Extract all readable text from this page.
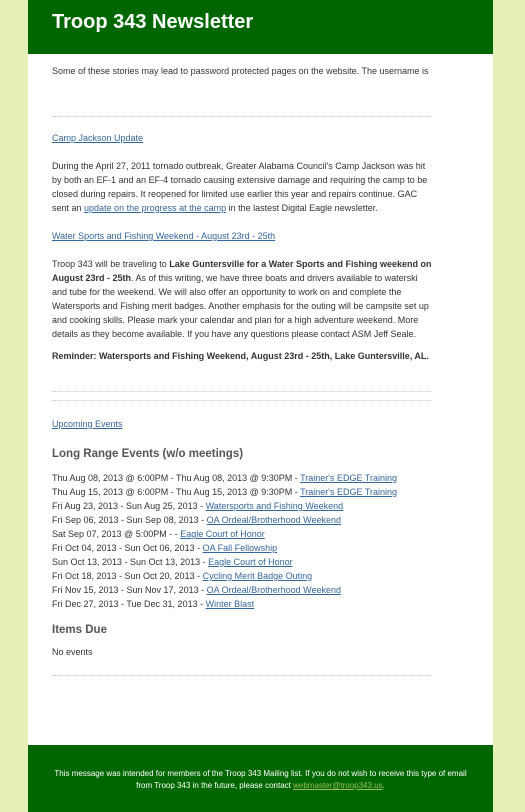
Troop 343 Newsletter

Some of these stories may lead to password protected pages on the website. The username is

Camp Jackson Update

During the April 27, 2011 tornado outbreak, Greater Alabama Council's Camp Jackson was hit by both an EF-1 and an EF-4 tornado causing extensive damage and requiring the camp to be closed during repairs. It reopened for limited use earlier this year and repairs continue. GAC sent an update on the progress at the camp in the lastest Digital Eagle newsletter.

Water Sports and Fishing Weekend - August 23rd - 25th

Troop 343 will be traveling to Lake Guntersville for a Water Sports and Fishing weekend on August 23rd - 25th. As of this writing, we have three boats and drivers available to waterski and tube for the weekend. We will also offer an opportunity to work on and complete the Watersports and Fishing merit badges. Another emphasis for the outing will be campsite set up and cooking skills. Please mark your calendar and plan for a high adventure weekend. More details as they become available. If you have any questions please contact ASM Jeff Seale.

Reminder: Watersports and Fishing Weekend, August 23rd - 25th, Lake Guntersville, AL.

Upcoming Events
Long Range Events (w/o meetings)
Thu Aug 08, 2013 @ 6:00PM - Thu Aug 08, 2013 @ 9:30PM - Trainer's EDGE Training
Thu Aug 15, 2013 @ 6:00PM - Thu Aug 15, 2013 @ 9:30PM - Trainer's EDGE Training
Fri Aug 23, 2013 - Sun Aug 25, 2013 - Watersports and Fishing Weekend
Fri Sep 06, 2013 - Sun Sep 08, 2013 - OA Ordeal/Brotherhood Weekend
Sat Sep 07, 2013 @ 5:00PM - - Eagle Court of Honor
Fri Oct 04, 2013 - Sun Oct 06, 2013 - OA Fall Fellowship
Sun Oct 13, 2013 - Sun Oct 13, 2013 - Eagle Court of Honor
Fri Oct 18, 2013 - Sun Oct 20, 2013 - Cycling Merit Badge Outing
Fri Nov 15, 2013 - Sun Nov 17, 2013 - OA Ordeal/Brotherhood Weekend
Fri Dec 27, 2013 - Tue Dec 31, 2013 - Winter Blast
Items Due

No events

This message was intended for members of the Troop 343 Mailing list. If you do not wish to receive this type of email from Troop 343 in the future, please contact webmaster@troop343.us.
